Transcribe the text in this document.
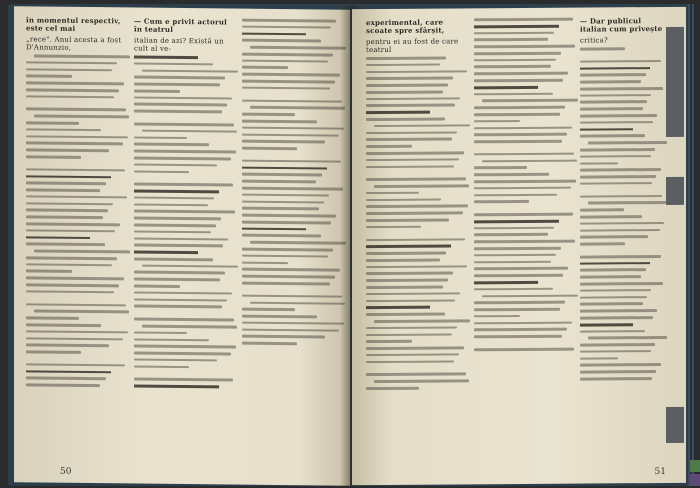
în momentul respectiv, este cel mai
„rece". Anul acesta a fost D'Annunzio,
— Cum e privit actorul în teatrul
italian de azi? Există un cult al ve-
50
experimental, care scoate spre sfârșit,
pentru ei au fost de care teatrul
— Dar publicul italian cum privește
critica?
51
